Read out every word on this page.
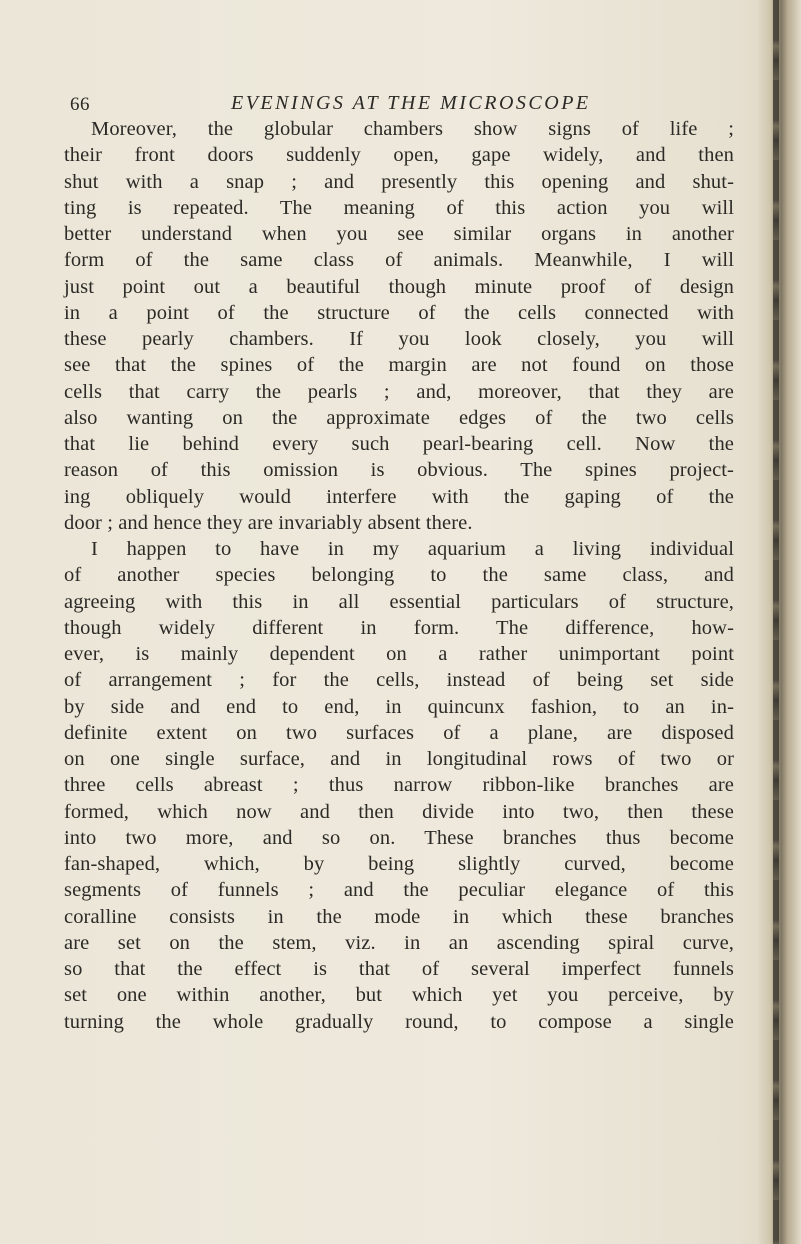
66	EVENINGS AT THE MICROSCOPE
Moreover, the globular chambers show signs of life ;
their front doors suddenly open, gape widely, and then
shut with a snap ; and presently this opening and shut-
ting is repeated. The meaning of this action you will
better understand when you see similar organs in another
form of the same class of animals. Meanwhile, I will
just point out a beautiful though minute proof of design
in a point of the structure of the cells connected with
these pearly chambers. If you look closely, you will
see that the spines of the margin are not found on those
cells that carry the pearls ; and, moreover, that they are
also wanting on the approximate edges of the two cells
that lie behind every such pearl-bearing cell. Now the
reason of this omission is obvious. The spines project-
ing obliquely would interfere with the gaping of the
door ; and hence they are invariably absent there.
I happen to have in my aquarium a living individual
of another species belonging to the same class, and
agreeing with this in all essential particulars of structure,
though widely different in form. The difference, how-
ever, is mainly dependent on a rather unimportant point
of arrangement ; for the cells, instead of being set side
by side and end to end, in quincunx fashion, to an in-
definite extent on two surfaces of a plane, are disposed
on one single surface, and in longitudinal rows of two or
three cells abreast ; thus narrow ribbon-like branches are
formed, which now and then divide into two, then these
into two more, and so on. These branches thus become
fan-shaped, which, by being slightly curved, become
segments of funnels ; and the peculiar elegance of this
coralline consists in the mode in which these branches
are set on the stem, viz. in an ascending spiral curve,
so that the effect is that of several imperfect funnels
set one within another, but which yet you perceive, by
turning the whole gradually round, to compose a single
